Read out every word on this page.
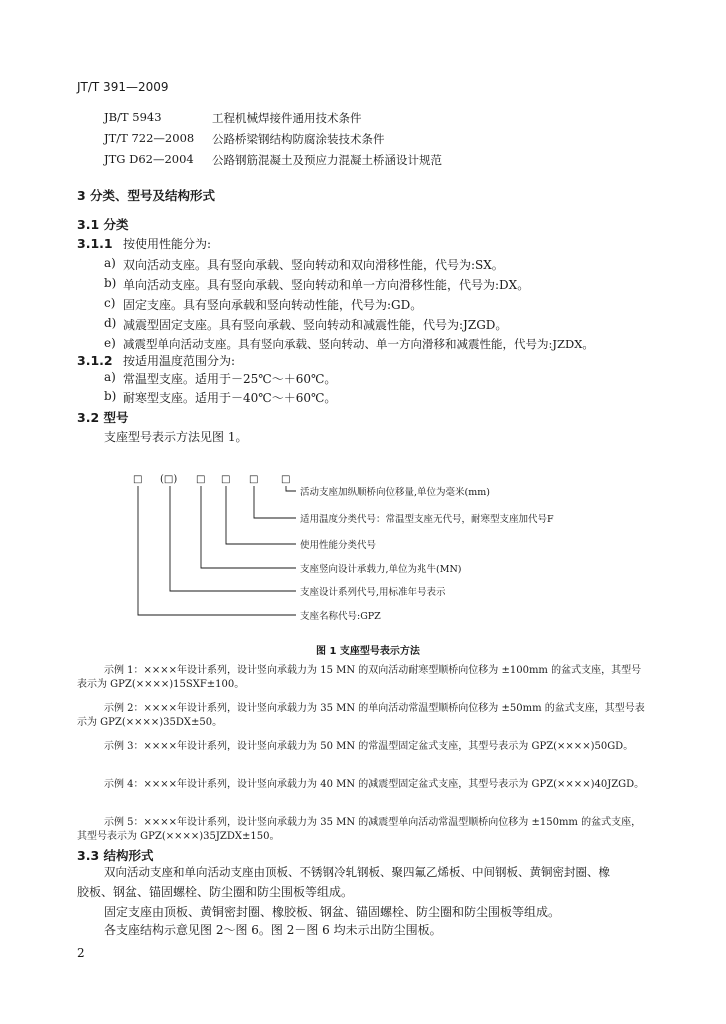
JT/T 391—2009
JB/T 5943	工程机械焊接件通用技术条件
JT/T 722—2008 公路桥梁钢结构防腐涂装技术条件
JTG D62—2004 公路钢筋混凝土及预应力混凝土桥涵设计规范
3 分类、型号及结构形式
3.1 分类
3.1.1 按使用性能分为:
a) 双向活动支座。具有竖向承载、竖向转动和双向滑移性能，代号为:SX。
b) 单向活动支座。具有竖向承载、竖向转动和单一方向滑移性能，代号为:DX。
c) 固定支座。具有竖向承载和竖向转动性能，代号为:GD。
d) 减震型固定支座。具有竖向承载、竖向转动和减震性能，代号为:JZGD。
e) 减震型单向活动支座。具有竖向承载、竖向转动、单一方向滑移和减震性能，代号为:JZDX。
3.1.2 按适用温度范围分为:
a) 常温型支座。适用于－25℃～＋60℃。
b) 耐寒型支座。适用于－40℃～＋60℃。
3.2 型号
支座型号表示方法见图 1。
□ (□) □ □ □ □
活动支座加纵顺桥向位移量,单位为毫米(mm)
适用温度分类代号：常温型支座无代号，耐寒型支座加代号F
使用性能分类代号
支座竖向设计承载力,单位为兆牛(MN)
支座设计系列代号,用标准年号表示
支座名称代号:GPZ
图 1 支座型号表示方法
示例 1：××××年设计系列，设计竖向承载力为 15 MN 的双向活动耐寒型顺桥向位移为 ±100mm 的盆式支座，其型号表示为 GPZ(××××)15SXF±100。
示例 2：××××年设计系列，设计竖向承载力为 35 MN 的单向活动常温型顺桥向位移为 ±50mm 的盆式支座，其型号表示为 GPZ(××××)35DX±50。
示例 3：××××年设计系列，设计竖向承载力为 50 MN 的常温型固定盆式支座，其型号表示为 GPZ(××××)50GD。
示例 4：××××年设计系列，设计竖向承载力为 40 MN 的减震型固定盆式支座，其型号表示为 GPZ(××××)40JZGD。
示例 5：××××年设计系列，设计竖向承载力为 35 MN 的减震型单向活动常温型顺桥向位移为 ±150mm 的盆式支座，其型号表示为 GPZ(××××)35JZDX±150。
3.3 结构形式
双向活动支座和单向活动支座由顶板、不锈钢冷轧钢板、聚四氟乙烯板、中间钢板、黄铜密封圈、橡
胶板、钢盆、锚固螺栓、防尘圈和防尘围板等组成。
固定支座由顶板、黄铜密封圈、橡胶板、钢盆、锚固螺栓、防尘圈和防尘围板等组成。
各支座结构示意见图 2～图 6。图 2－图 6 均未示出防尘围板。
2
